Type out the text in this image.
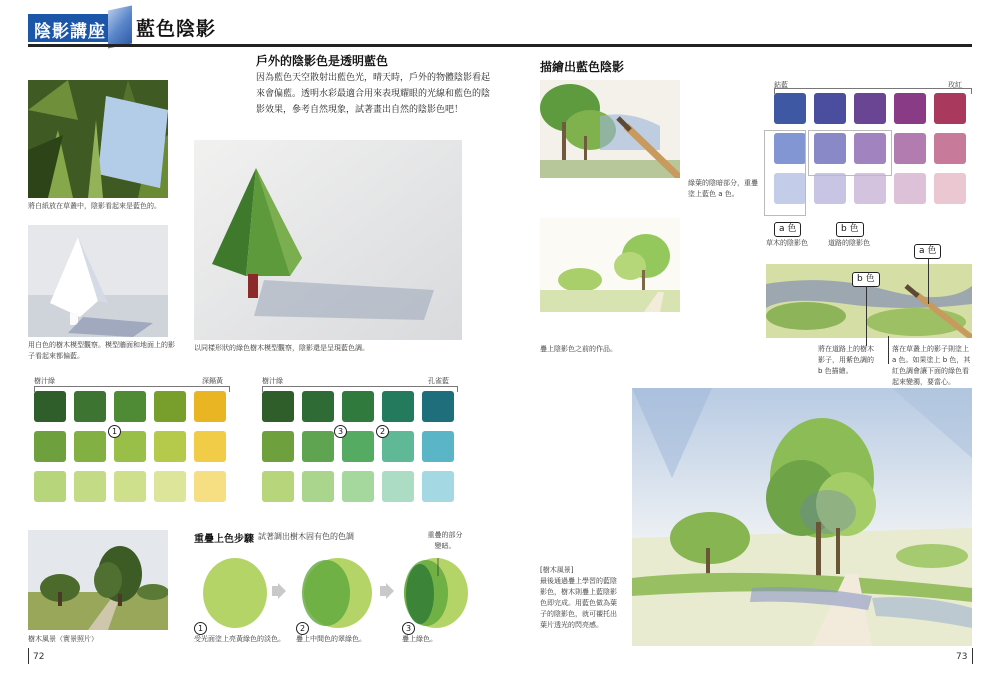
陰影講座	藍色陰影
將白紙放在草叢中，陰影看起來是藍色的。
用白色的樹木模型觀察。模型牆面和地面上的影子看起來都偏藍。
戶外的陰影色是透明藍色
因為藍色天空散射出藍色光，晴天時，戶外的物體陰影看起來會偏藍。透明水彩最適合用來表現耀眼的光線和藍色的陰影效果，參考自然現象，試著畫出自然的陰影色吧！
以同樣形狀的綠色樹木模型觀察，陰影還是呈現藍色調。
樹汁綠	深鎘黃
1
樹汁綠	孔雀藍
3	2
樹木風景（實景照片）
重疊上色步驟 試著調出樹木固有色的色調	重疊的部分變暗。
1
受光面塗上亮黃綠色的淡色。
2
疊上中間色的翠綠色。
3
疊上綠色。
72
描繪出藍色陰影
綠葉的陰暗部分，重疊塗上藍色 a 色。
疊上陰影色之前的作品。
鈷藍	玫紅
a 色	b 色
草木的陰影色	道路的陰影色
a 色
b 色
將在道路上的樹木影子，用紫色調的 b 色描繪。
落在草叢上的影子則塗上 a 色。如果塗上 b 色，其紅色調會讓下面的綠色看起來變濁，要當心。
[樹木風景]
最後通過疊上學習的藍陰影色，樹木則疊上藍陰影色即完成。用藍色做為葉子的陰影色，就可襯托出葉片透光的閃亮感。
73
